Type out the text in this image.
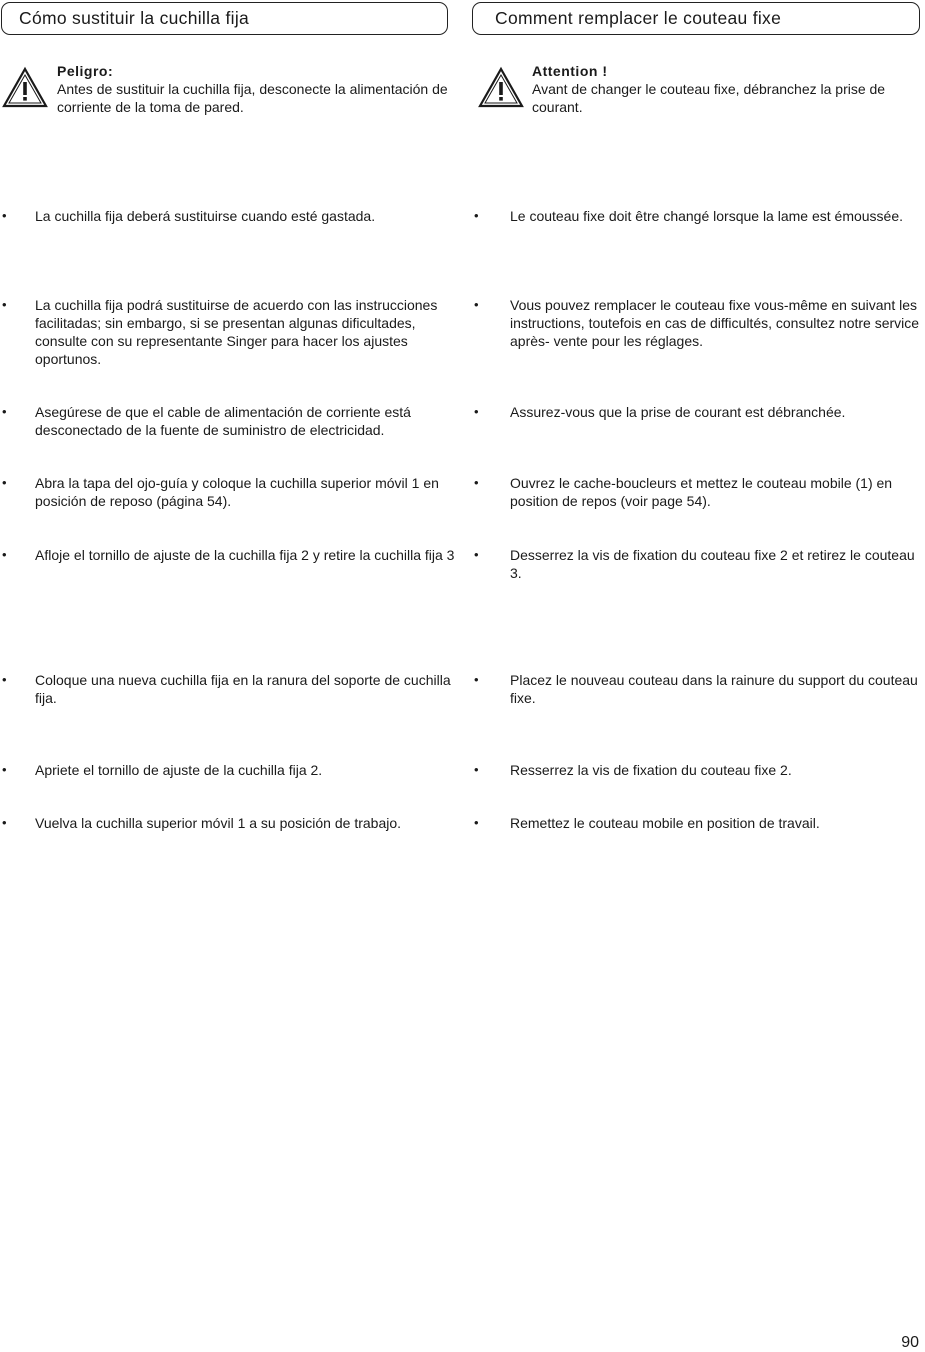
Cómo sustituir la cuchilla fija
Peligro:
Antes de sustituir la cuchilla fija, desconecte la alimentación de corriente de la toma de pared.
• La cuchilla fija deberá sustituirse cuando esté gastada.
• La cuchilla fija podrá sustituirse de acuerdo con las instrucciones facilitadas; sin embargo, si se presentan algunas dificultades, consulte con su representante Singer para hacer los ajustes oportunos.
• Asegúrese de que el cable de alimentación de corriente está desconectado de la fuente de suministro de electricidad.
• Abra la tapa del ojo-guía y coloque la cuchilla superior móvil 1 en posición de reposo (página 54).
• Afloje el tornillo de ajuste de la cuchilla fija 2 y retire la cuchilla fija 3
• Coloque una nueva cuchilla fija en la ranura del soporte de cuchilla fija.
• Apriete el tornillo de ajuste de la cuchilla fija 2.
• Vuelva la cuchilla superior móvil 1 a su posición de trabajo.
Comment remplacer le couteau fixe
Attention !
Avant de changer le couteau fixe, débranchez la prise de courant.
• Le couteau fixe doit être changé lorsque la lame est émoussée.
• Vous pouvez remplacer le couteau fixe vous-même en suivant les instructions, toutefois en cas de difficultés, consultez notre service après- vente pour les réglages.
• Assurez-vous que la prise de courant est débranchée.
• Ouvrez le cache-boucleurs et mettez le couteau mobile (1) en position de repos (voir page 54).
• Desserrez la vis de fixation du couteau fixe 2 et retirez le couteau 3.
• Placez le nouveau couteau dans la rainure du support du couteau fixe.
• Resserrez la vis de fixation du couteau fixe 2.
• Remettez le couteau mobile en position de travail.
90
